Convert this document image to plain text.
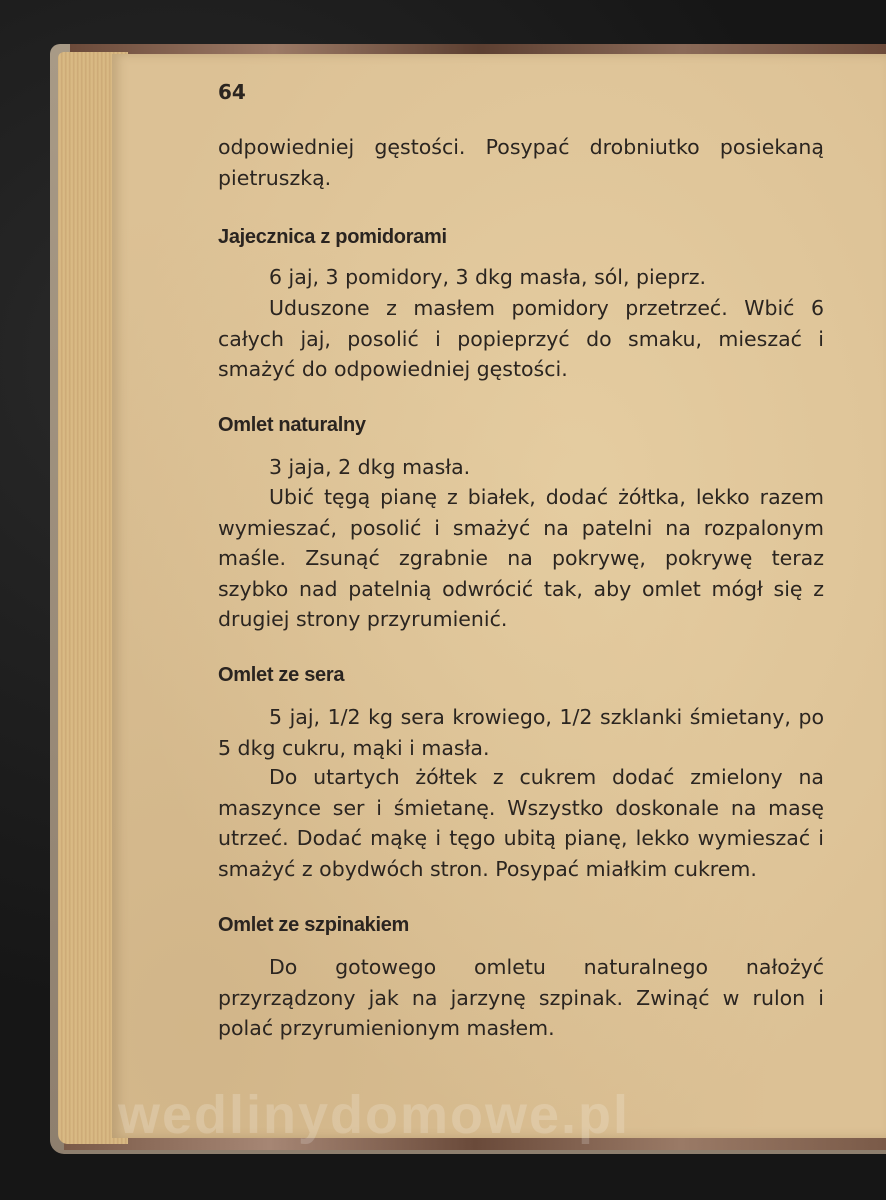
64

odpowiedniej gęstości. Posypać drobniutko posiekaną pietruszką.

Jajecznica z pomidorami

6 jaj, 3 pomidory, 3 dkg masła, sól, pieprz.

Uduszone z masłem pomidory przetrzeć. Wbić 6 całych jaj, posolić i popieprzyć do smaku, mieszać i smażyć do odpowiedniej gęstości.

Omlet naturalny

3 jaja, 2 dkg masła.

Ubić tęgą pianę z białek, dodać żółtka, lekko razem wymieszać, posolić i smażyć na patelni na rozpalonym maśle. Zsunąć zgrabnie na pokrywę, pokrywę teraz szybko nad patelnią odwrócić tak, aby omlet mógł się z drugiej strony przyrumienić.

Omlet ze sera

5 jaj, 1/2 kg sera krowiego, 1/2 szklanki śmietany, po 5 dkg cukru, mąki i masła.

Do utartych żółtek z cukrem dodać zmielony na maszynce ser i śmietanę. Wszystko doskonale na masę utrzeć. Dodać mąkę i tęgo ubitą pianę, lekko wymieszać i smażyć z obydwóch stron. Posypać miałkim cukrem.

Omlet ze szpinakiem

Do gotowego omletu naturalnego nałożyć przyrządzony jak na jarzynę szpinak. Zwinąć w rulon i polać przyrumienionym masłem.

wedlinydomowe.pl
